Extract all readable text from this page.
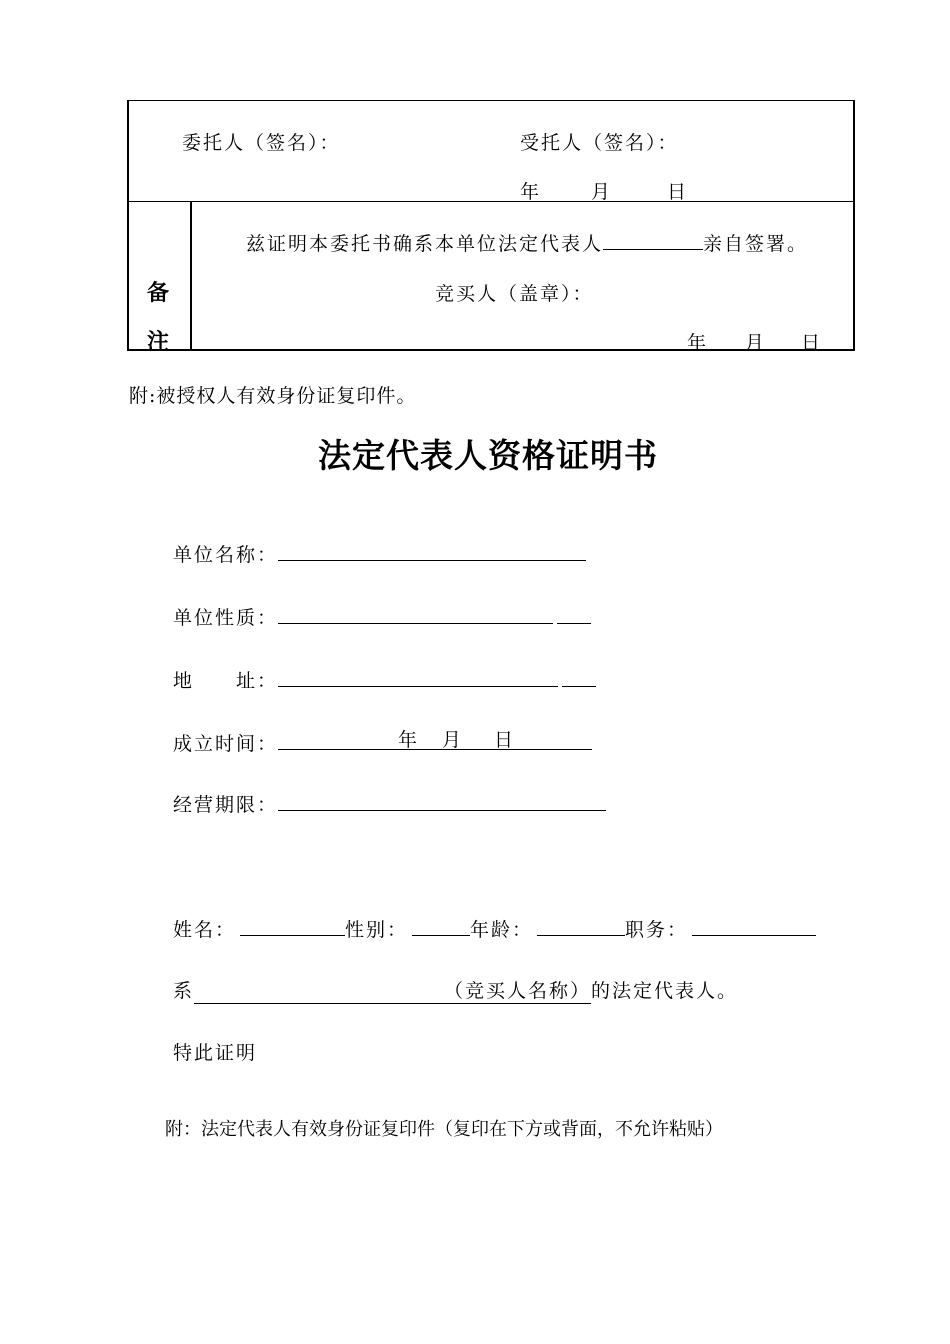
委托人（签名）：	受托人（签名）：
年	月	日
备
注
兹证明本委托书确系本单位法定代表人	亲自签署。
竞买人（盖章）：
年 月 日
附:被授权人有效身份证复印件。
法定代表人资格证明书
单位名称：
单位性质：
地　　址：
成立时间：	年 月 日
经营期限：
姓名：	性别：	年龄：	职务：
系	（竞买人名称）的法定代表人。
特此证明
附：法定代表人有效身份证复印件（复印在下方或背面，不允许粘贴）
